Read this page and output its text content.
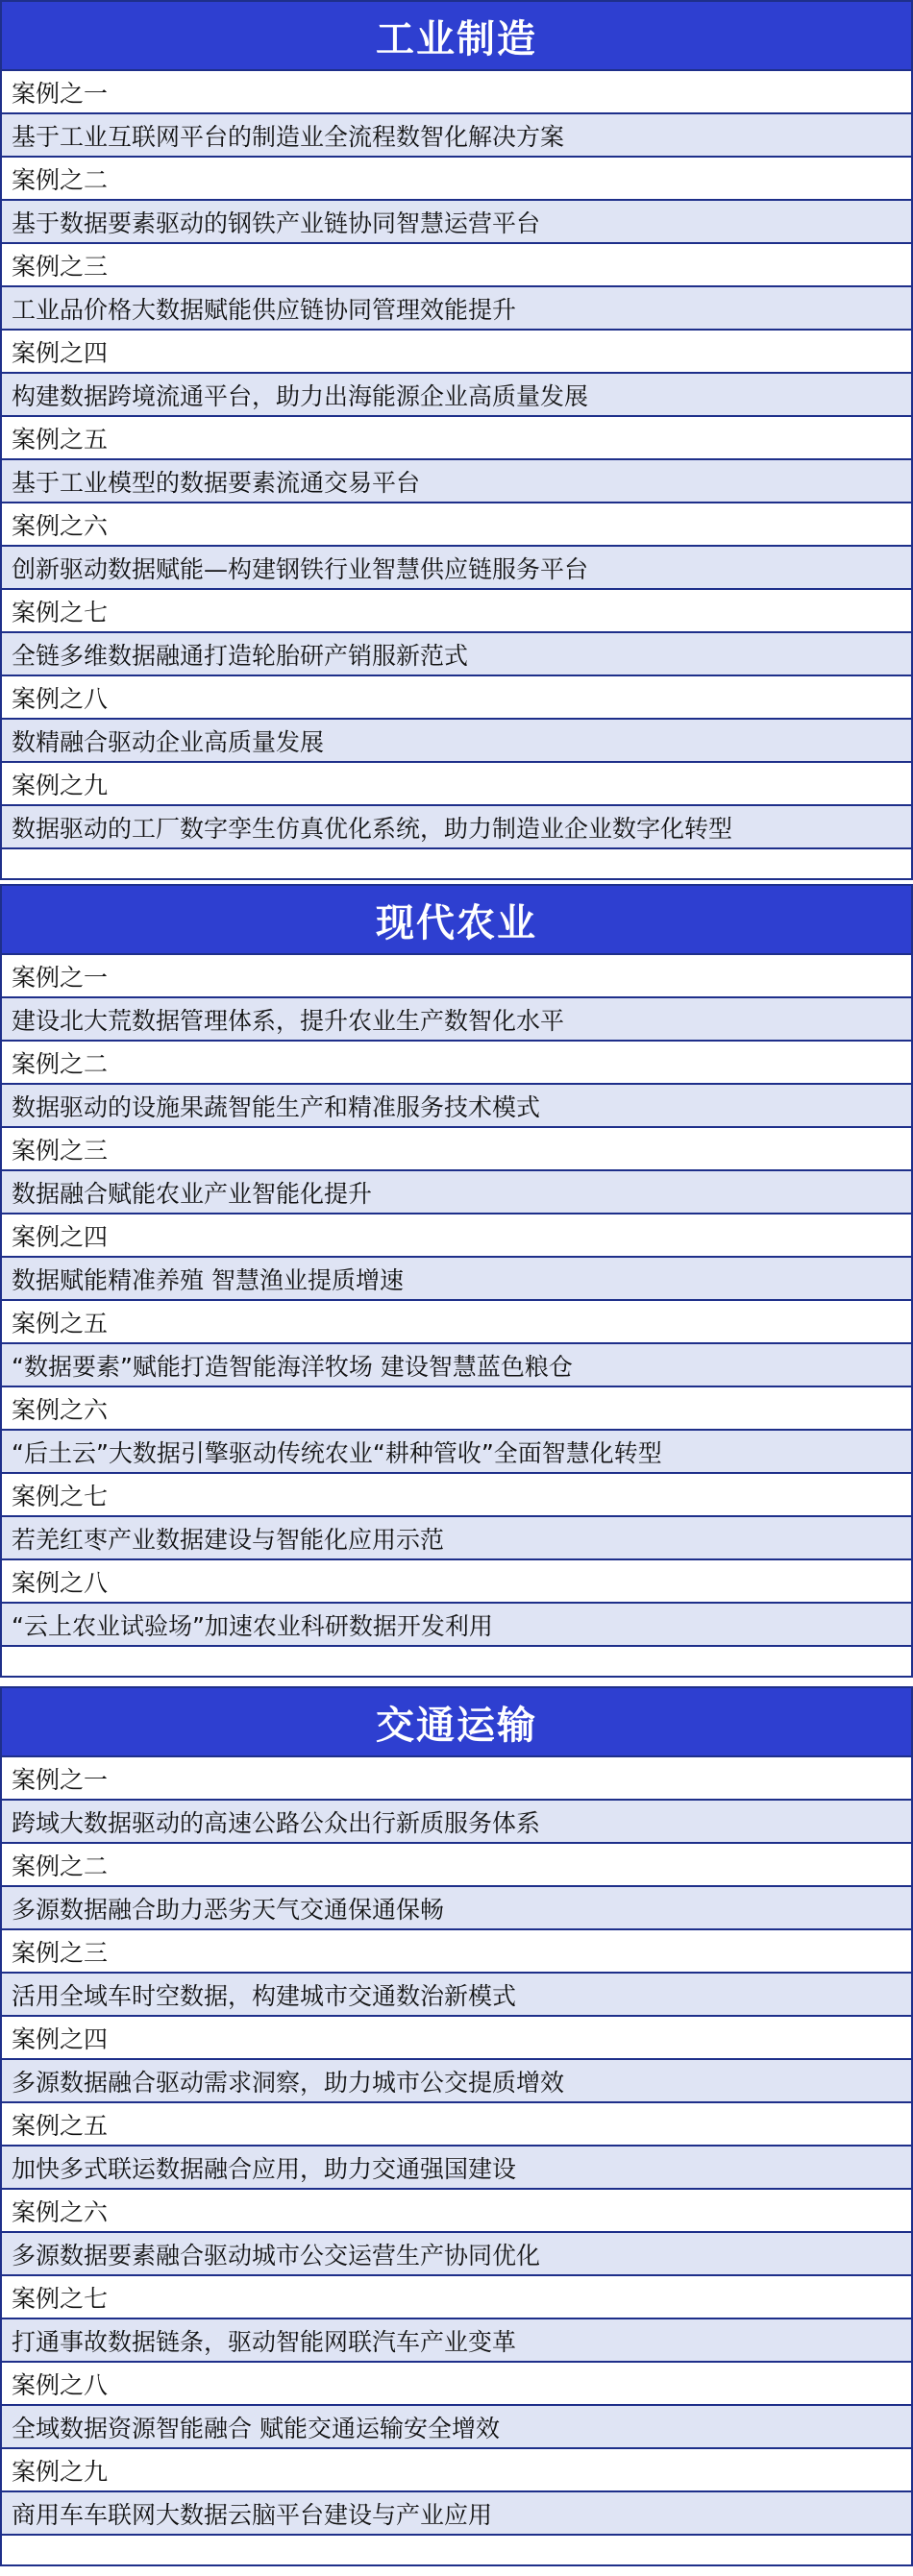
工业制造
案例之一
基于工业互联网平台的制造业全流程数智化解决方案
案例之二
基于数据要素驱动的钢铁产业链协同智慧运营平台
案例之三
工业品价格大数据赋能供应链协同管理效能提升
案例之四
构建数据跨境流通平台，助力出海能源企业高质量发展
案例之五
基于工业模型的数据要素流通交易平台
案例之六
创新驱动数据赋能—构建钢铁行业智慧供应链服务平台
案例之七
全链多维数据融通打造轮胎研产销服新范式
案例之八
数精融合驱动企业高质量发展
案例之九
数据驱动的工厂数字孪生仿真优化系统，助力制造业企业数字化转型
现代农业
案例之一
建设北大荒数据管理体系，提升农业生产数智化水平
案例之二
数据驱动的设施果蔬智能生产和精准服务技术模式
案例之三
数据融合赋能农业产业智能化提升
案例之四
数据赋能精准养殖 智慧渔业提质增速
案例之五
“数据要素”赋能打造智能海洋牧场 建设智慧蓝色粮仓
案例之六
“后土云”大数据引擎驱动传统农业“耕种管收”全面智慧化转型
案例之七
若羌红枣产业数据建设与智能化应用示范
案例之八
“云上农业试验场”加速农业科研数据开发利用
交通运输
案例之一
跨域大数据驱动的高速公路公众出行新质服务体系
案例之二
多源数据融合助力恶劣天气交通保通保畅
案例之三
活用全域车时空数据，构建城市交通数治新模式
案例之四
多源数据融合驱动需求洞察，助力城市公交提质增效
案例之五
加快多式联运数据融合应用，助力交通强国建设
案例之六
多源数据要素融合驱动城市公交运营生产协同优化
案例之七
打通事故数据链条，驱动智能网联汽车产业变革
案例之八
全域数据资源智能融合 赋能交通运输安全增效
案例之九
商用车车联网大数据云脑平台建设与产业应用
